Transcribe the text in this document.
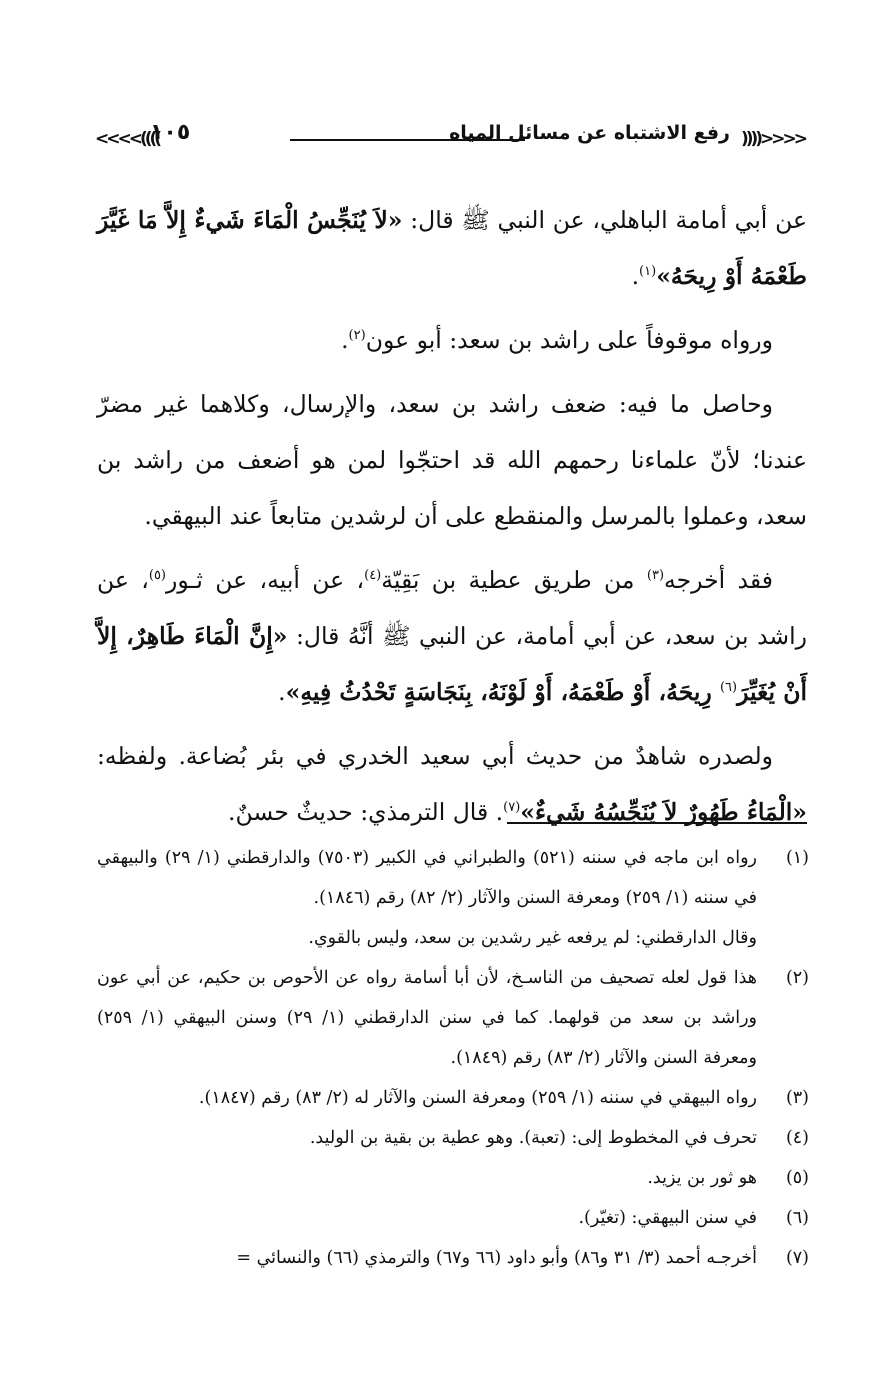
<<<<((((
رفع الاشتباه عن مسائل المياه
١٠٥
))))>>>>

عن أبي أمامة الباهلي، عن النبي ﷺ قال: «لاَ يُنَجِّسُ الْمَاءَ شَيءٌ إِلاَّ مَا غَيَّرَ طَعْمَهُ أَوْ رِيحَهُ»$^{(١)}$.

ورواه موقوفاً على راشد بن سعد: أبو عون$^{(٢)}$.

وحاصل ما فيه: ضعف راشد بن سعد، والإرسال، وكلاهما غير مضرّ عندنا؛ لأنّ علماءنا رحمهم الله قد احتجّوا لمن هو أضعف من راشد بن سعد، وعملوا بالمرسل والمنقطع على أن لرشدين متابعاً عند البيهقي.

فقد أخرجه$^{(٣)}$ من طريق عطية بن بَقِيّة$^{(٤)}$، عن أبيه، عن ثـور$^{(٥)}$، عن راشد بن سعد، عن أبي أمامة، عن النبي ﷺ أنَّهُ قال: «إِنَّ الْمَاءَ طَاهِرٌ، إِلاَّ أَنْ يُغَيِّرَ$^{(٦)}$ رِيحَهُ، أَوْ طَعْمَهُ، أَوْ لَوْنَهُ، بِنَجَاسَةٍ تَحْدُثُ فِيهِ».

ولصدره شاهدٌ من حديث أبي سعيد الخدري في بئر بُضاعة. ولفظه: «الْمَاءُ طَهُورٌ لاَ يُنَجِّسُهُ شَيءٌ»$^{(٧)}$. قال الترمذي: حديثٌ حسنٌ.

(١)
رواه ابن ماجه في سننه (٥٢١) والطبراني في الكبير (٧٥٠٣) والدارقطني (١/ ٢٩) والبيهقي في سننه (١/ ٢٥٩) ومعرفة السنن والآثار (٢/ ٨٢) رقم (١٨٤٦).
وقال الدارقطني: لم يرفعه غير رشدين بن سعد، وليس بالقوي.
(٢)
هذا قول لعله تصحيف من الناسـخ، لأن أبا أسامة رواه عن الأحوص بن حكيم، عن أبي عون وراشد بن سعد من قولهما. كما في سنن الدارقطني (١/ ٢٩) وسنن البيهقي (١/ ٢٥٩) ومعرفة السنن والآثار (٢/ ٨٣) رقم (١٨٤٩).
(٣)
رواه البيهقي في سننه (١/ ٢٥٩) ومعرفة السنن والآثار له (٢/ ٨٣) رقم (١٨٤٧).
(٤)
تحرف في المخطوط إلى: (تعبة). وهو عطية بن بقية بن الوليد.
(٥)
هو ثور بن يزيد.
(٦)
في سنن البيهقي: (تغيّر).
(٧)
أخرجـه أحمد (٣/ ٣١ و٨٦) وأبو داود (٦٦ و٦٧) والترمذي (٦٦) والنسائي =
